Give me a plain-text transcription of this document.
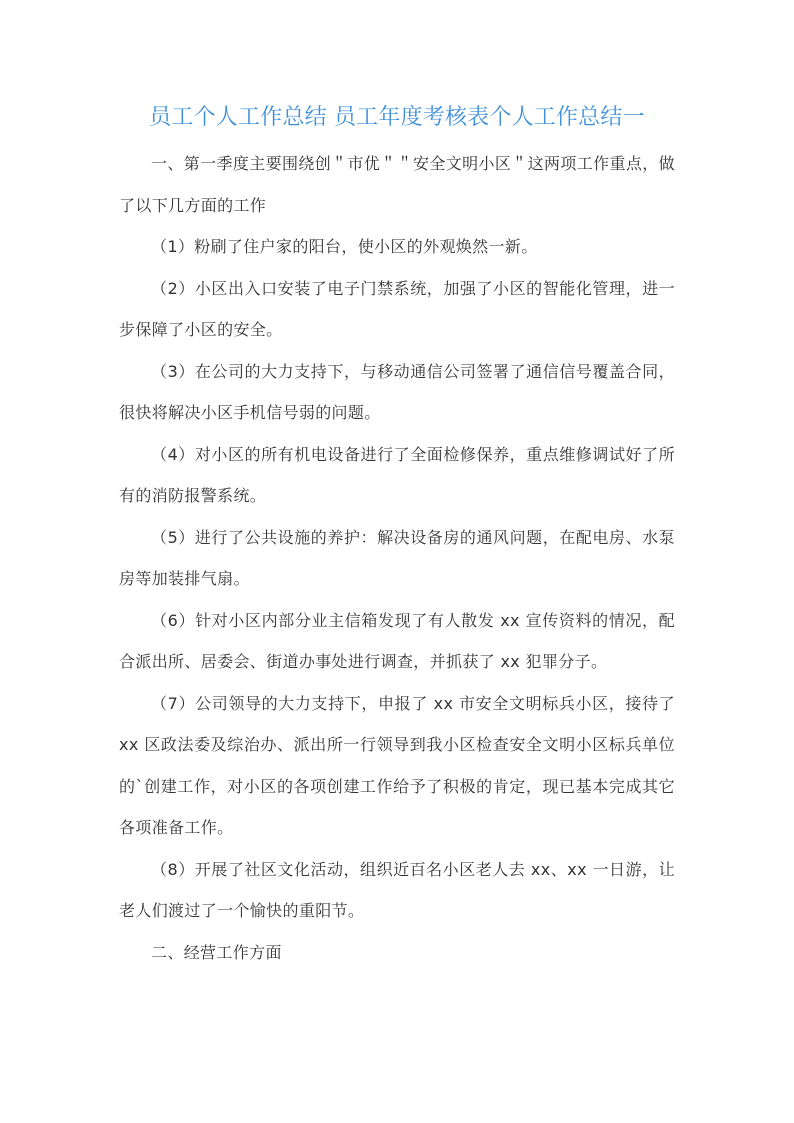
员工个人工作总结 员工年度考核表个人工作总结一

一、第一季度主要围绕创＂市优＂＂安全文明小区＂这两项工作重点，做了以下几方面的工作

（1）粉刷了住户家的阳台，使小区的外观焕然一新。

（2）小区出入口安装了电子门禁系统，加强了小区的智能化管理，进一步保障了小区的安全。

（3）在公司的大力支持下，与移动通信公司签署了通信信号覆盖合同，很快将解决小区手机信号弱的问题。

（4）对小区的所有机电设备进行了全面检修保养，重点维修调试好了所有的消防报警系统。

（5）进行了公共设施的养护：解决设备房的通风问题，在配电房、水泵房等加装排气扇。

（6）针对小区内部分业主信箱发现了有人散发 xx 宣传资料的情况，配合派出所、居委会、街道办事处进行调查，并抓获了 xx 犯罪分子。

（7）公司领导的大力支持下，申报了 xx 市安全文明标兵小区，接待了 xx 区政法委及综治办、派出所一行领导到我小区检查安全文明小区标兵单位的`创建工作，对小区的各项创建工作给予了积极的肯定，现已基本完成其它各项准备工作。

（8）开展了社区文化活动，组织近百名小区老人去 xx、xx 一日游，让老人们渡过了一个愉快的重阳节。

二、经营工作方面
